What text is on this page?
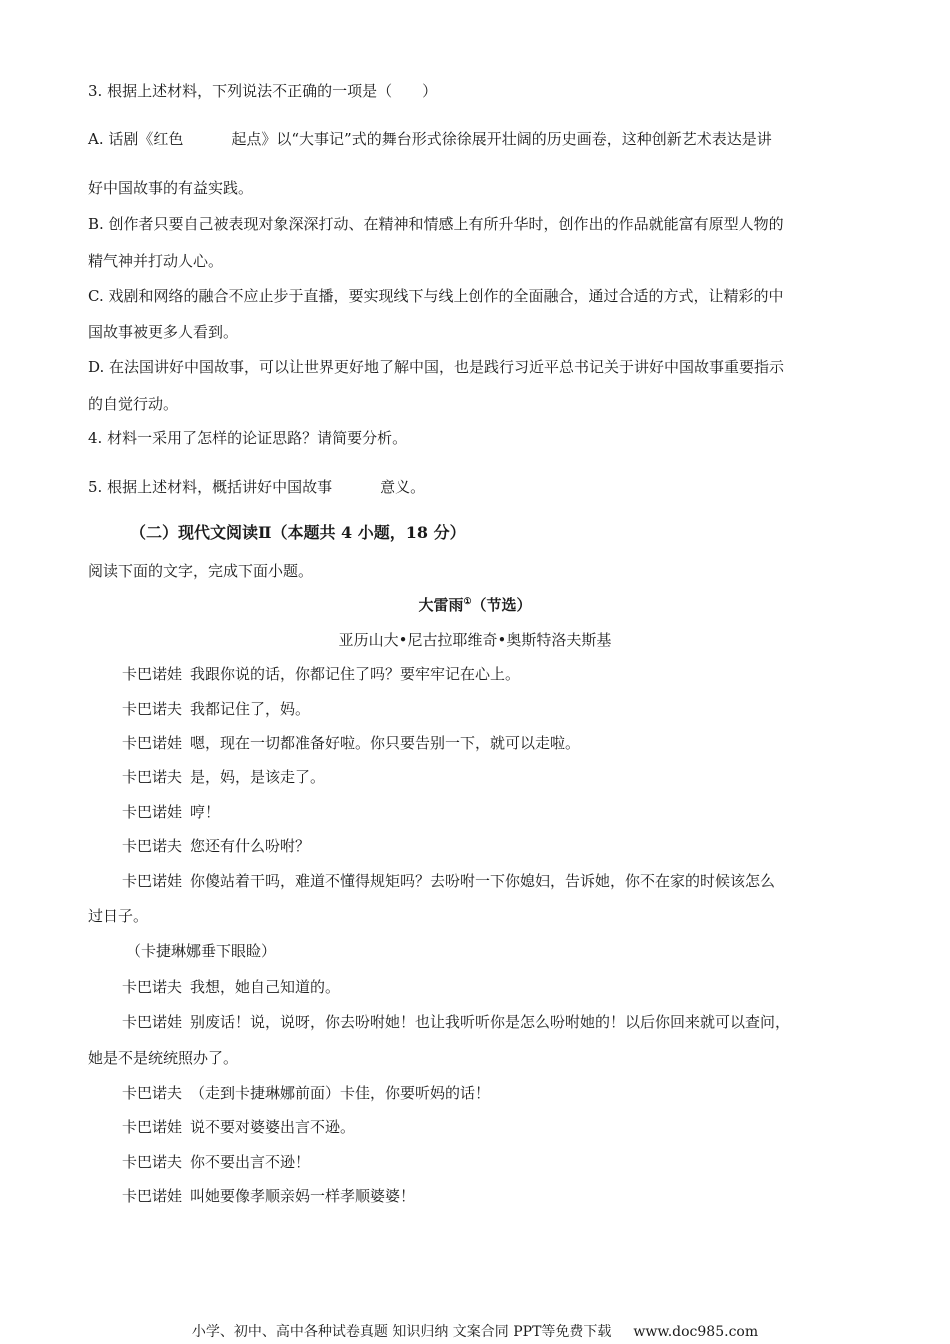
3. 根据上述材料，下列说法不正确的一项是（　　）
A. 话剧《红色	起点》以“大事记”式的舞台形式徐徐展开壮阔的历史画卷，这种创新艺术表达是讲
好中国故事的有益实践。
B. 创作者只要自己被表现对象深深打动、在精神和情感上有所升华时，创作出的作品就能富有原型人物的
精气神并打动人心。
C. 戏剧和网络的融合不应止步于直播，要实现线下与线上创作的全面融合，通过合适的方式，让精彩的中
国故事被更多人看到。
D. 在法国讲好中国故事，可以让世界更好地了解中国，也是践行习近平总书记关于讲好中国故事重要指示
的自觉行动。
4. 材料一采用了怎样的论证思路？请简要分析。
5. 根据上述材料，概括讲好中国故事	意义。
（二）现代文阅读Ⅱ（本题共 4 小题，18 分）
阅读下面的文字，完成下面小题。
大雷雨①（节选）
亚历山大•尼古拉耶维奇•奥斯特洛夫斯基
卡巴诺娃 我跟你说的话，你都记住了吗？要牢牢记在心上。
卡巴诺夫 我都记住了，妈。
卡巴诺娃 嗯，现在一切都准备好啦。你只要告别一下，就可以走啦。
卡巴诺夫 是，妈，是该走了。
卡巴诺娃 哼！
卡巴诺夫 您还有什么吩咐？
卡巴诺娃 你傻站着干吗，难道不懂得规矩吗？去吩咐一下你媳妇，告诉她，你不在家的时候该怎么
过日子。
（卡捷琳娜垂下眼睑）
卡巴诺夫 我想，她自己知道的。
卡巴诺娃 别废话！说，说呀，你去吩咐她！也让我听听你是怎么吩咐她的！以后你回来就可以查问，
她是不是统统照办了。
卡巴诺夫 （走到卡捷琳娜前面）卡佳，你要听妈的话！
卡巴诺娃 说不要对婆婆出言不逊。
卡巴诺夫 你不要出言不逊！
卡巴诺娃 叫她要像孝顺亲妈一样孝顺婆婆！
小学、初中、高中各种试卷真题 知识归纳 文案合同 PPT等免费下载 www.doc985.com
